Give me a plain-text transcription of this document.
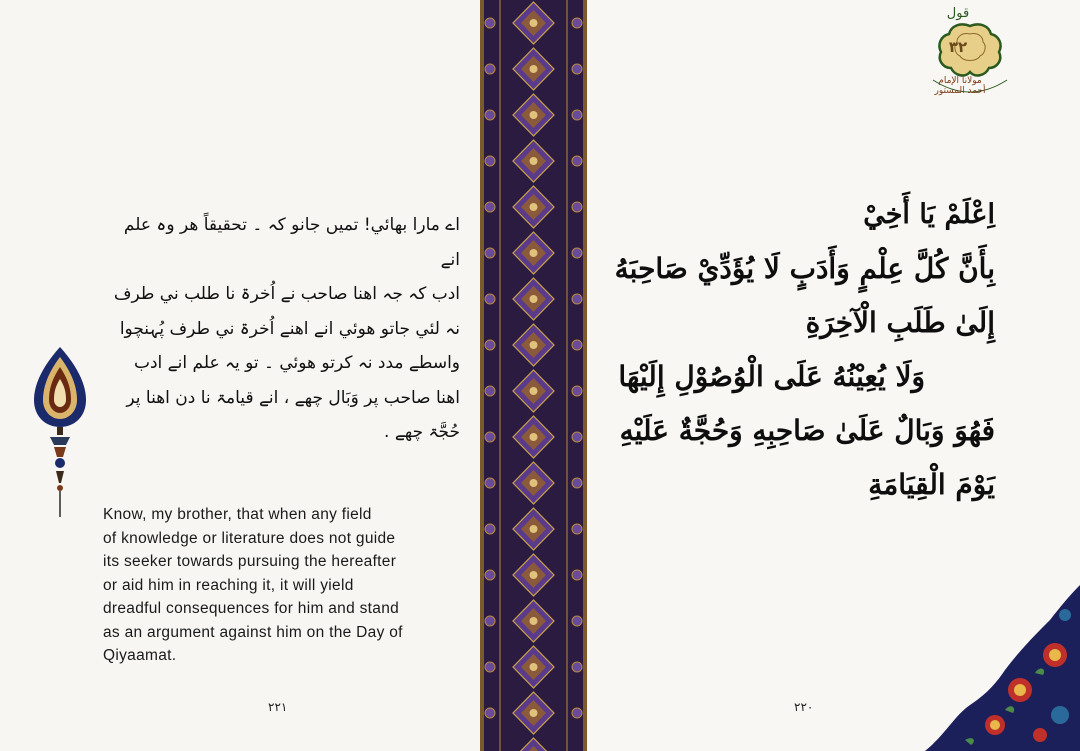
اے مارا بھائي! تمیں جانو کہ ۔ تحقیقاً ھر وہ علم انے

ادب کہ جہ اھنا صاحب نے اُخرۃ نا طلب ني طرف

نہ لئي جاتو ھوئي انے اھنے اُخرۃ ني طرف پُہنچوا

واسطے مدد نہ کرتو ھوئي ۔ تو یہ علم انے ادب

اھنا صاحب پر وَبَال چھے ، انے قیامۃ نا دن اھنا پر

حُجَّۃ چھے .

Know, my brother, that when any field

of knowledge or literature does not guide

its seeker towards pursuing the hereafter

or aid him in reaching it, it will yield

dreadful consequences for him and stand

as an argument against him on the Day of

Qiyaamat.

٢٢١
قول
٣٢
مولانا الإمام أحمد المستور

اِعْلَمْ يَا أَخِيْ

بِأَنَّ كُلَّ عِلْمٍ وَأَدَبٍ لَا يُؤَدِّيْ صَاحِبَهُ إِلَىٰ طَلَبِ الْآخِرَةِ

وَلَا يُعِيْنُهُ عَلَى الْوُصُوْلِ إِلَيْهَا

فَهُوَ وَبَالٌ عَلَىٰ صَاحِبِهِ وَحُجَّةٌ عَلَيْهِ يَوْمَ الْقِيَامَةِ

٢٢٠
